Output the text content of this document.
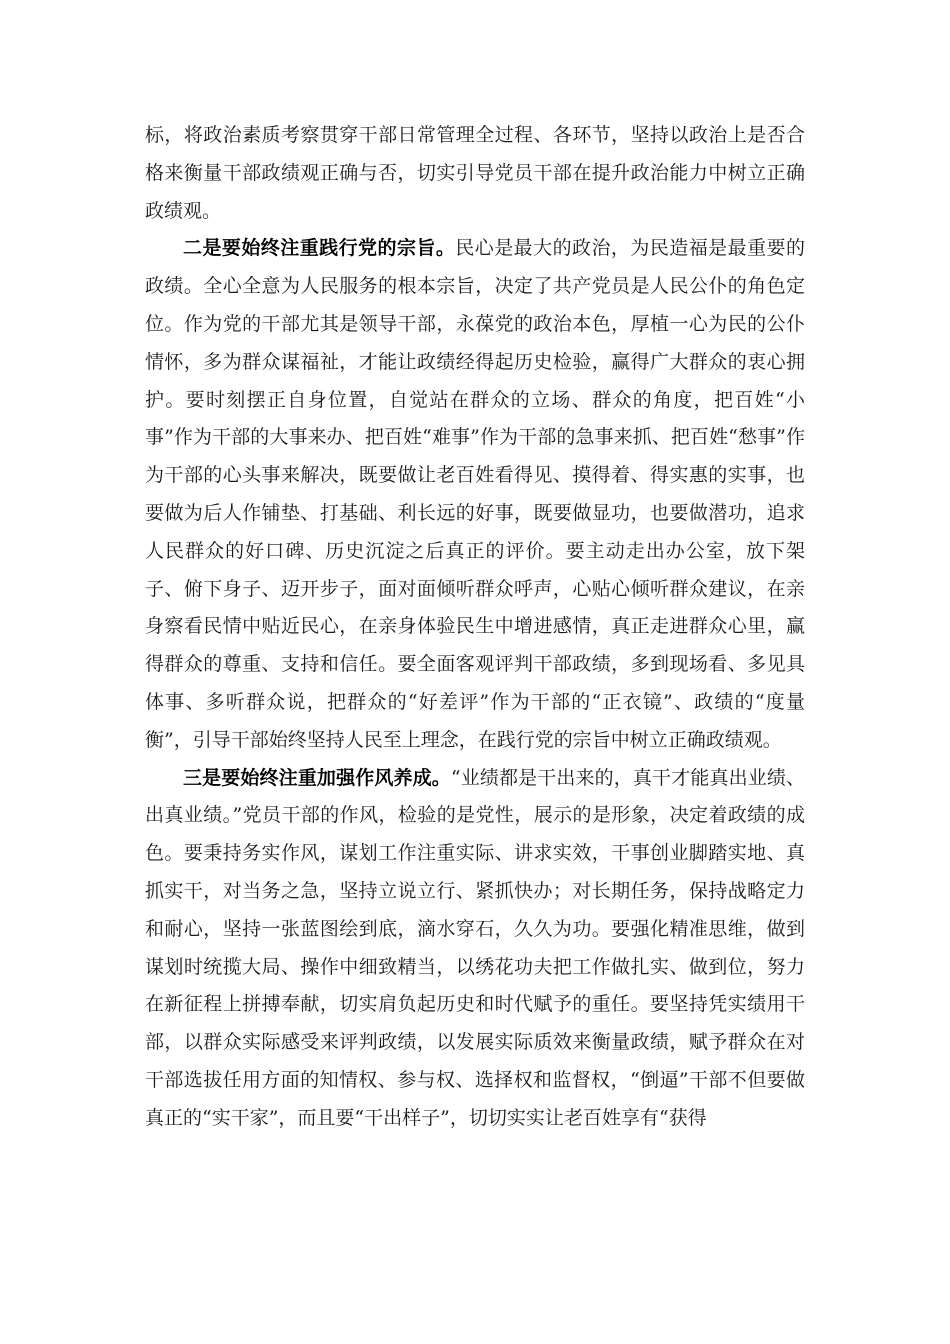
标，将政治素质考察贯穿干部日常管理全过程、各环节，坚持以政治上是否合格来衡量干部政绩观正确与否，切实引导党员干部在提升政治能力中树立正确政绩观。

二是要始终注重践行党的宗旨。民心是最大的政治，为民造福是最重要的政绩。全心全意为人民服务的根本宗旨，决定了共产党员是人民公仆的角色定位。作为党的干部尤其是领导干部，永葆党的政治本色，厚植一心为民的公仆情怀，多为群众谋福祉，才能让政绩经得起历史检验，赢得广大群众的衷心拥护。要时刻摆正自身位置，自觉站在群众的立场、群众的角度，把百姓“小事”作为干部的大事来办、把百姓“难事”作为干部的急事来抓、把百姓“愁事”作为干部的心头事来解决，既要做让老百姓看得见、摸得着、得实惠的实事，也要做为后人作铺垫、打基础、利长远的好事，既要做显功，也要做潜功，追求人民群众的好口碑、历史沉淀之后真正的评价。要主动走出办公室，放下架子、俯下身子、迈开步子，面对面倾听群众呼声，心贴心倾听群众建议，在亲身察看民情中贴近民心，在亲身体验民生中增进感情，真正走进群众心里，赢得群众的尊重、支持和信任。要全面客观评判干部政绩，多到现场看、多见具体事、多听群众说，把群众的“好差评”作为干部的“正衣镜”、政绩的“度量衡”，引导干部始终坚持人民至上理念，在践行党的宗旨中树立正确政绩观。

三是要始终注重加强作风养成。“业绩都是干出来的，真干才能真出业绩、出真业绩。”党员干部的作风，检验的是党性，展示的是形象，决定着政绩的成色。要秉持务实作风，谋划工作注重实际、讲求实效，干事创业脚踏实地、真抓实干，对当务之急，坚持立说立行、紧抓快办；对长期任务，保持战略定力和耐心，坚持一张蓝图绘到底，滴水穿石，久久为功。要强化精准思维，做到谋划时统揽大局、操作中细致精当，以绣花功夫把工作做扎实、做到位，努力在新征程上拼搏奉献，切实肩负起历史和时代赋予的重任。要坚持凭实绩用干部，以群众实际感受来评判政绩，以发展实际质效来衡量政绩，赋予群众在对干部选拔任用方面的知情权、参与权、选择权和监督权，“倒逼”干部不但要做真正的“实干家”，而且要“干出样子”，切切实实让老百姓享有“获得
